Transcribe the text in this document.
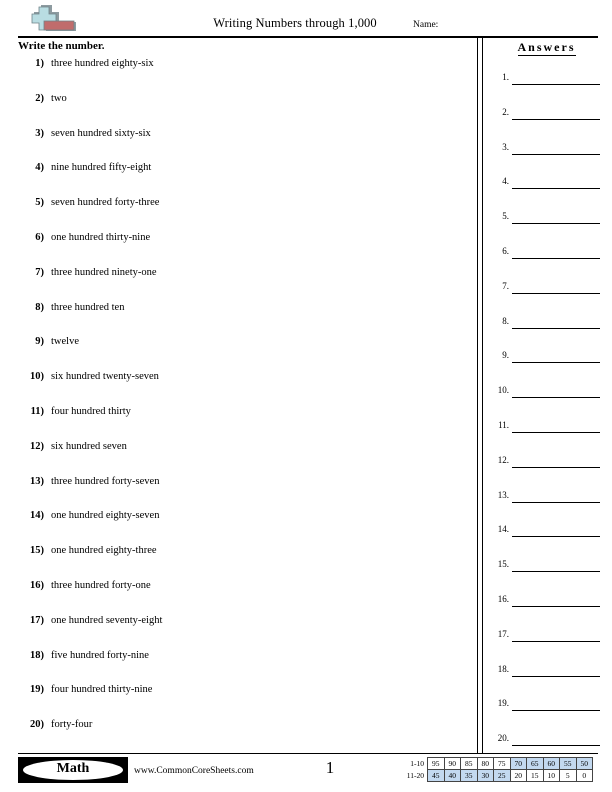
Writing Numbers through 1,000	Name:
Write the number.
1) three hundred eighty-six
2) two
3) seven hundred sixty-six
4) nine hundred fifty-eight
5) seven hundred forty-three
6) one hundred thirty-nine
7) three hundred ninety-one
8) three hundred ten
9) twelve
10) six hundred twenty-seven
11) four hundred thirty
12) six hundred seven
13) three hundred forty-seven
14) one hundred eighty-seven
15) one hundred eighty-three
16) three hundred forty-one
17) one hundred seventy-eight
18) five hundred forty-nine
19) four hundred thirty-nine
20) forty-four
Answers
1.
2.
3.
4.
5.
6.
7.
8.
9.
10.
11.
12.
13.
14.
15.
16.
17.
18.
19.
20.
Math	www.CommonCoreSheets.com	1	1-10	95	90	85	80	75	70	65	60	55	50
11-20	45	40	35	30	25	20	15	10	5	0
